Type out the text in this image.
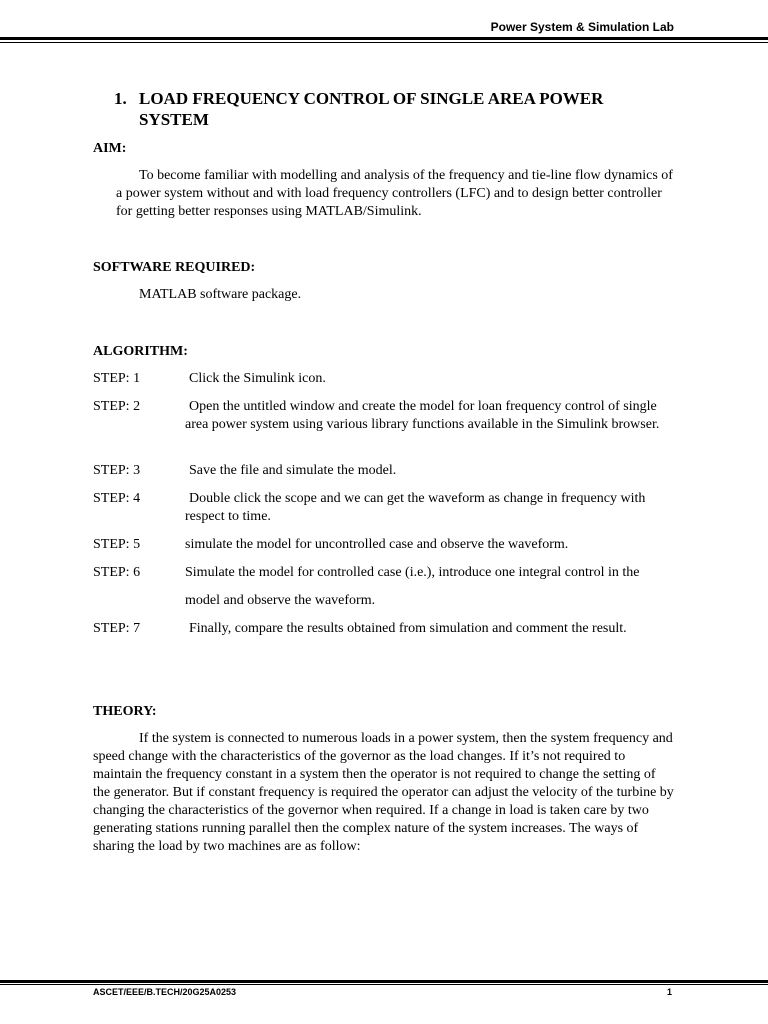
Power System & Simulation Lab
1. LOAD FREQUENCY CONTROL OF SINGLE AREA POWER SYSTEM
AIM:
To become familiar with modelling and analysis of the frequency and tie-line flow dynamics of a power system without and with load frequency controllers (LFC) and to design better controller for getting better responses using MATLAB/Simulink.
SOFTWARE REQUIRED:
MATLAB software package.
ALGORITHM:
STEP: 1	Click the Simulink icon.
STEP: 2	Open the untitled window and create the model for loan frequency control of single area power system using various library functions available in the Simulink browser.
STEP: 3	Save the file and simulate the model.
STEP: 4	Double click the scope and we can get the waveform as change in frequency with respect to time.
STEP: 5	simulate the model for uncontrolled case and observe the waveform.
STEP: 6	Simulate the model for controlled case (i.e.), introduce one integral control in the model and observe the waveform.
STEP: 7	Finally, compare the results obtained from simulation and comment the result.
THEORY:
If the system is connected to numerous loads in a power system, then the system frequency and speed change with the characteristics of the governor as the load changes. If it’s not required to maintain the frequency constant in a system then the operator is not required to change the setting of the generator. But if constant frequency is required the operator can adjust the velocity of the turbine by changing the characteristics of the governor when required. If a change in load is taken care by two generating stations running parallel then the complex nature of the system increases. The ways of sharing the load by two machines are as follow:
ASCET/EEE/B.TECH/20G25A0253	1
